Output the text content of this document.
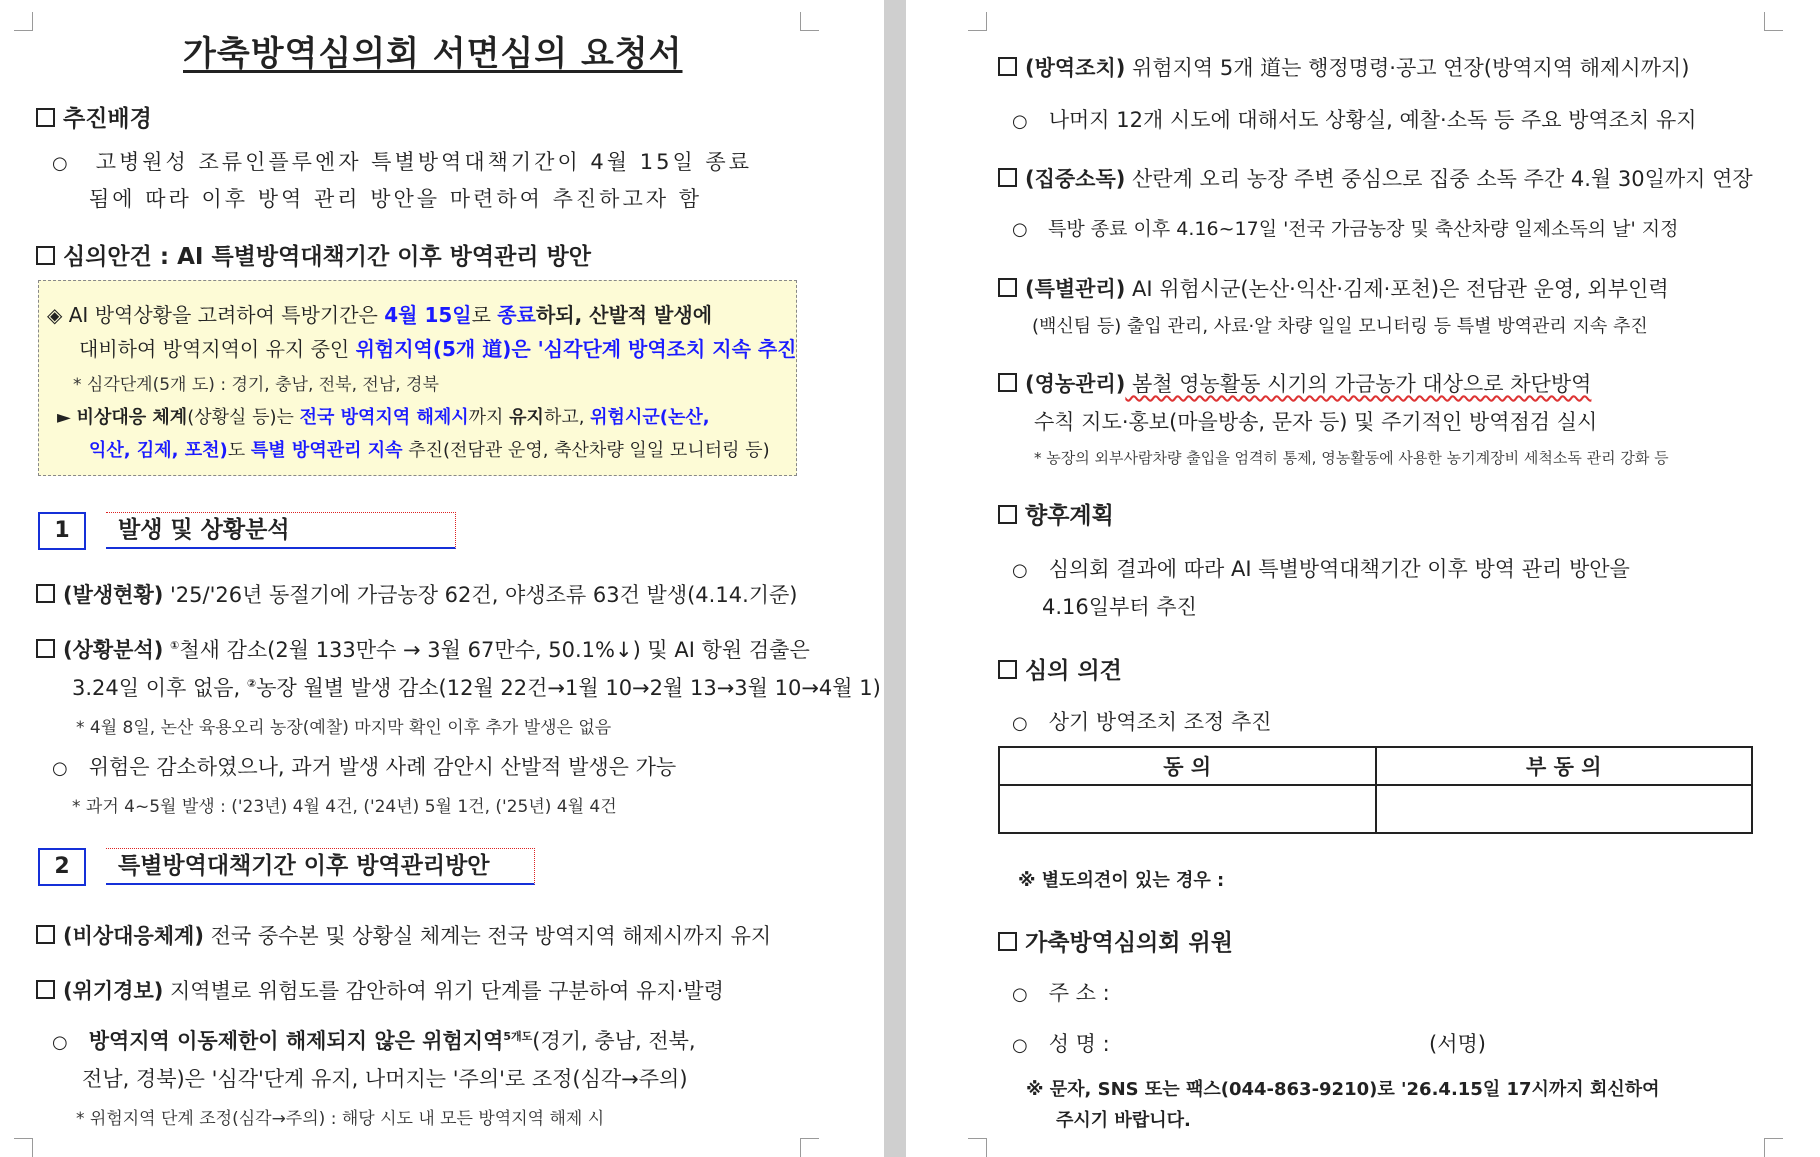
가축방역심의회 서면심의 요청서
추진배경
○ 고병원성 조류인플루엔자 특별방역대책기간이 4월 15일 종료
됨에 따라 이후 방역 관리 방안을 마련하여 추진하고자 함
심의안건 : AI 특별방역대책기간 이후 방역관리 방안
◈ AI 방역상황을 고려하여 특방기간은 4월 15일로 종료하되, 산발적 발생에
대비하여 방역지역이 유지 중인 위험지역(5개 道)은 '심각단계 방역조치 지속 추진
* 심각단계(5개 도) : 경기, 충남, 전북, 전남, 경북
► 비상대응 체계(상황실 등)는 전국 방역지역 해제시까지 유지하고, 위험시군(논산,
익산, 김제, 포천)도 특별 방역관리 지속 추진(전담관 운영, 축산차량 일일 모니터링 등)
1	발생 및 상황분석
(발생현황) '25/'26년 동절기에 가금농장 62건, 야생조류 63건 발생(4.14.기준)
(상황분석) ①철새 감소(2월 133만수 → 3월 67만수, 50.1%↓) 및 AI 항원 검출은
3.24일 이후 없음, ②농장 월별 발생 감소(12월 22건→1월 10→2월 13→3월 10→4월 1)
* 4월 8일, 논산 육용오리 농장(예찰) 마지막 확인 이후 추가 발생은 없음
○ 위험은 감소하였으나, 과거 발생 사례 감안시 산발적 발생은 가능
* 과거 4~5월 발생 : ('23년) 4월 4건, ('24년) 5월 1건, ('25년) 4월 4건
2	특별방역대책기간 이후 방역관리방안
(비상대응체계) 전국 중수본 및 상황실 체계는 전국 방역지역 해제시까지 유지
(위기경보) 지역별로 위험도를 감안하여 위기 단계를 구분하여 유지·발령
○ 방역지역 이동제한이 해제되지 않은 위험지역$^{5개도}$(경기, 충남, 전북,
전남, 경북)은 '심각'단계 유지, 나머지는 '주의'로 조정(심각→주의)
* 위험지역 단계 조정(심각→주의) : 해당 시도 내 모든 방역지역 해제 시
(방역조치) 위험지역 5개 道는 행정명령·공고 연장(방역지역 해제시까지)
○ 나머지 12개 시도에 대해서도 상황실, 예찰·소독 등 주요 방역조치 유지
(집중소독) 산란계 오리 농장 주변 중심으로 집중 소독 주간 4.월 30일까지 연장
○ 특방 종료 이후 4.16~17일 '전국 가금농장 및 축산차량 일제소독의 날' 지정
(특별관리) AI 위험시군(논산·익산·김제·포천)은 전담관 운영, 외부인력
(백신팀 등) 출입 관리, 사료·알 차량 일일 모니터링 등 특별 방역관리 지속 추진
(영농관리) 봄철 영농활동 시기의 가금농가 대상으로 차단방역
수칙 지도·홍보(마을방송, 문자 등) 및 주기적인 방역점검 실시
* 농장의 외부사람차량 출입을 엄격히 통제, 영농활동에 사용한 농기계장비 세척소독 관리 강화 등
향후계획
○ 심의회 결과에 따라 AI 특별방역대책기간 이후 방역 관리 방안을
4.16일부터 추진
심의 의견
○ 상기 방역조치 조정 추진
동 의	부 동 의

※ 별도의견이 있는 경우 :
가축방역심의회 위원
○ 주 소 :
○ 성 명 :	(서명)
※ 문자, SNS 또는 팩스(044-863-9210)로 '26.4.15일 17시까지 회신하여
주시기 바랍니다.
